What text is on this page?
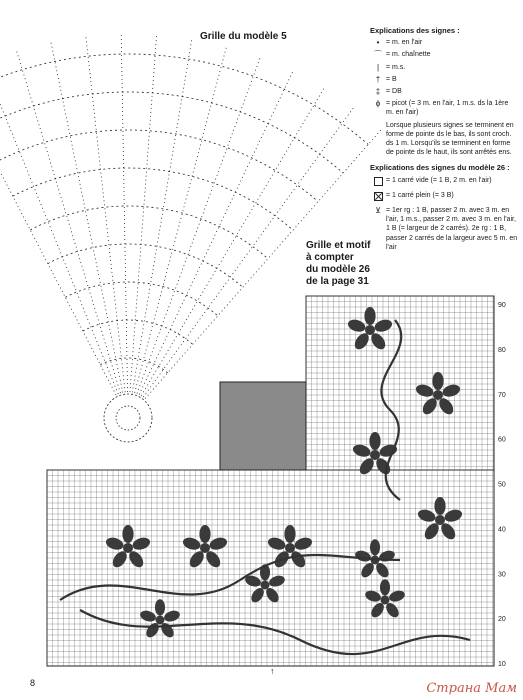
Grille du modèle 5
Explications des signes :
• = m. en l'air
⌒ = m. chaînette
| = m.s.
† = B
‡ = DB
ϕ = picot (= 3 m. en l'air, 1 m.s. ds la 1ère m. en l'air)
Lorsque plusieurs signes se terminent en forme de pointe ds le bas, ils sont croch. ds 1 m. Lorsqu'ils se terminent en forme de pointe ds le haut, ils sont arrêtés ens.
Explications des signes du modèle 26 :
= 1 carré vide (= 1 B, 2 m. en l'air)
= 1 carré plein (= 3 B)
⊻ = 1er rg : 1 B, passer 2 m. avec 3 m. en l'air, 1 m.s., passer 2 m. avec 3 m. en l'air, 1 B (= largeur de 2 carrés). 2e rg : 1 B, passer 2 carrés de la largeur avec 5 m. en l'air
Grille et motif
à compter
du modèle 26
de la page 31
90
80
70
60
50
40
30
20
10
↑
8	Страна Мам
